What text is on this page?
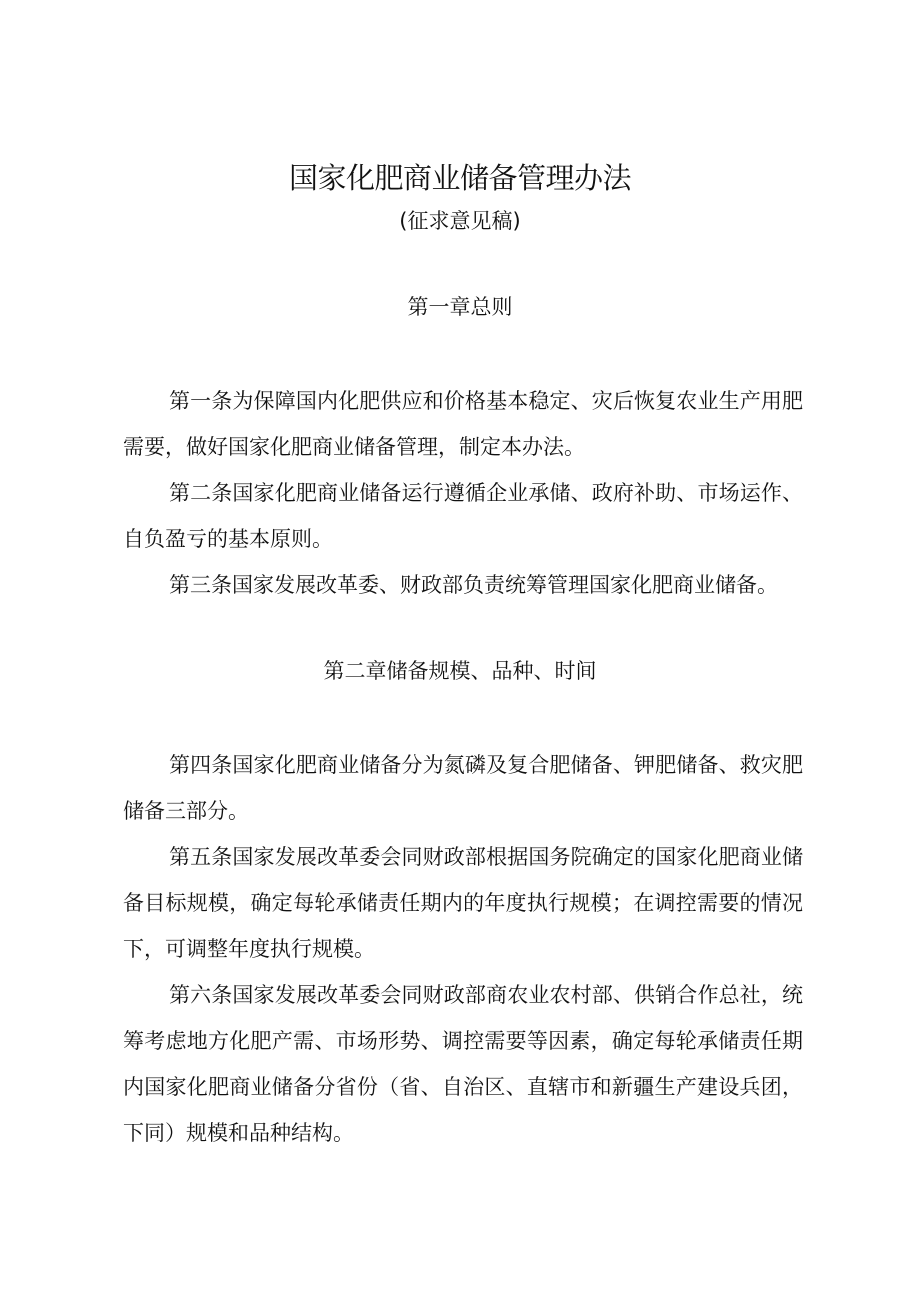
国家化肥商业储备管理办法
(征求意见稿)
第一章总则
第一条为保障国内化肥供应和价格基本稳定、灾后恢复农业生产用肥需要，做好国家化肥商业储备管理，制定本办法。
第二条国家化肥商业储备运行遵循企业承储、政府补助、市场运作、自负盈亏的基本原则。
第三条国家发展改革委、财政部负责统筹管理国家化肥商业储备。
第二章储备规模、品种、时间
第四条国家化肥商业储备分为氮磷及复合肥储备、钾肥储备、救灾肥储备三部分。
第五条国家发展改革委会同财政部根据国务院确定的国家化肥商业储备目标规模，确定每轮承储责任期内的年度执行规模；在调控需要的情况下，可调整年度执行规模。
第六条国家发展改革委会同财政部商农业农村部、供销合作总社，统筹考虑地方化肥产需、市场形势、调控需要等因素，确定每轮承储责任期内国家化肥商业储备分省份（省、自治区、直辖市和新疆生产建设兵团，下同）规模和品种结构。
